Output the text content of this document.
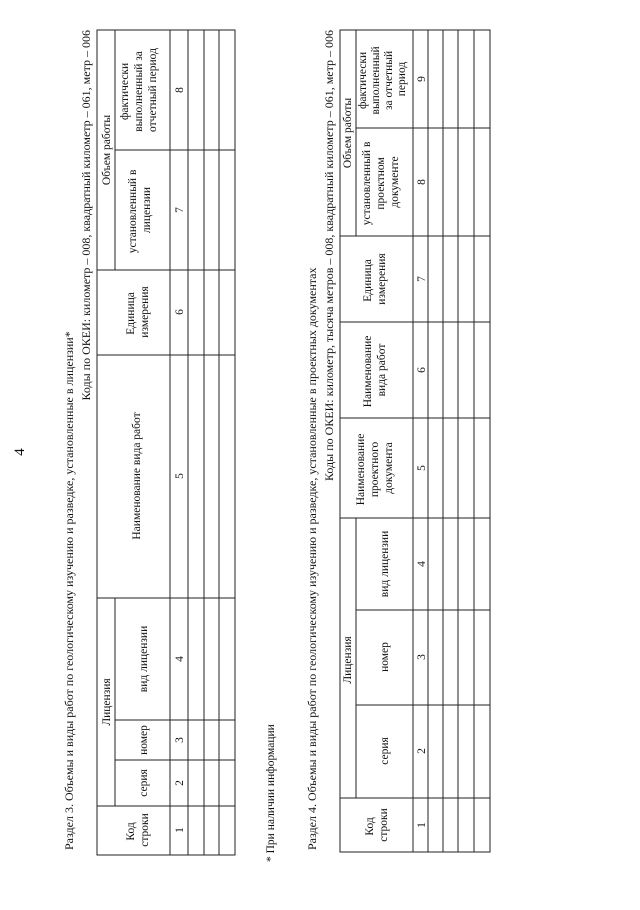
4	Раздел 3. Объемы и виды работ по геологическому изучению и разведке, установленные в лицензии*
Коды по ОКЕИ: километр – 008, квадратный километр – 061, метр – 006
Код строки
Лицензия
серия
номер
вид лицензии
Наименование вида работ
Единица измерения
Объем работы
установленный в лицензии
фактически выполненный за отчетный период
1
2
3
4
5
6
7
8
* При наличии информации Раздел 4. Объемы и виды работ по геологическому изучению и разведке, установленные в проектных документах
Коды по ОКЕИ: километр, тысяча метров – 008, квадратный километр – 061, метр – 006
Код строки
Лицензия
серия
номер
вид лицензии
Наименование проектного документа
Наименование вида работ
Единица измерения
Объем работы
установленный в проектном документе
фактически выполненный за отчетный период
1
2
3
4
5
6
7
8
9
